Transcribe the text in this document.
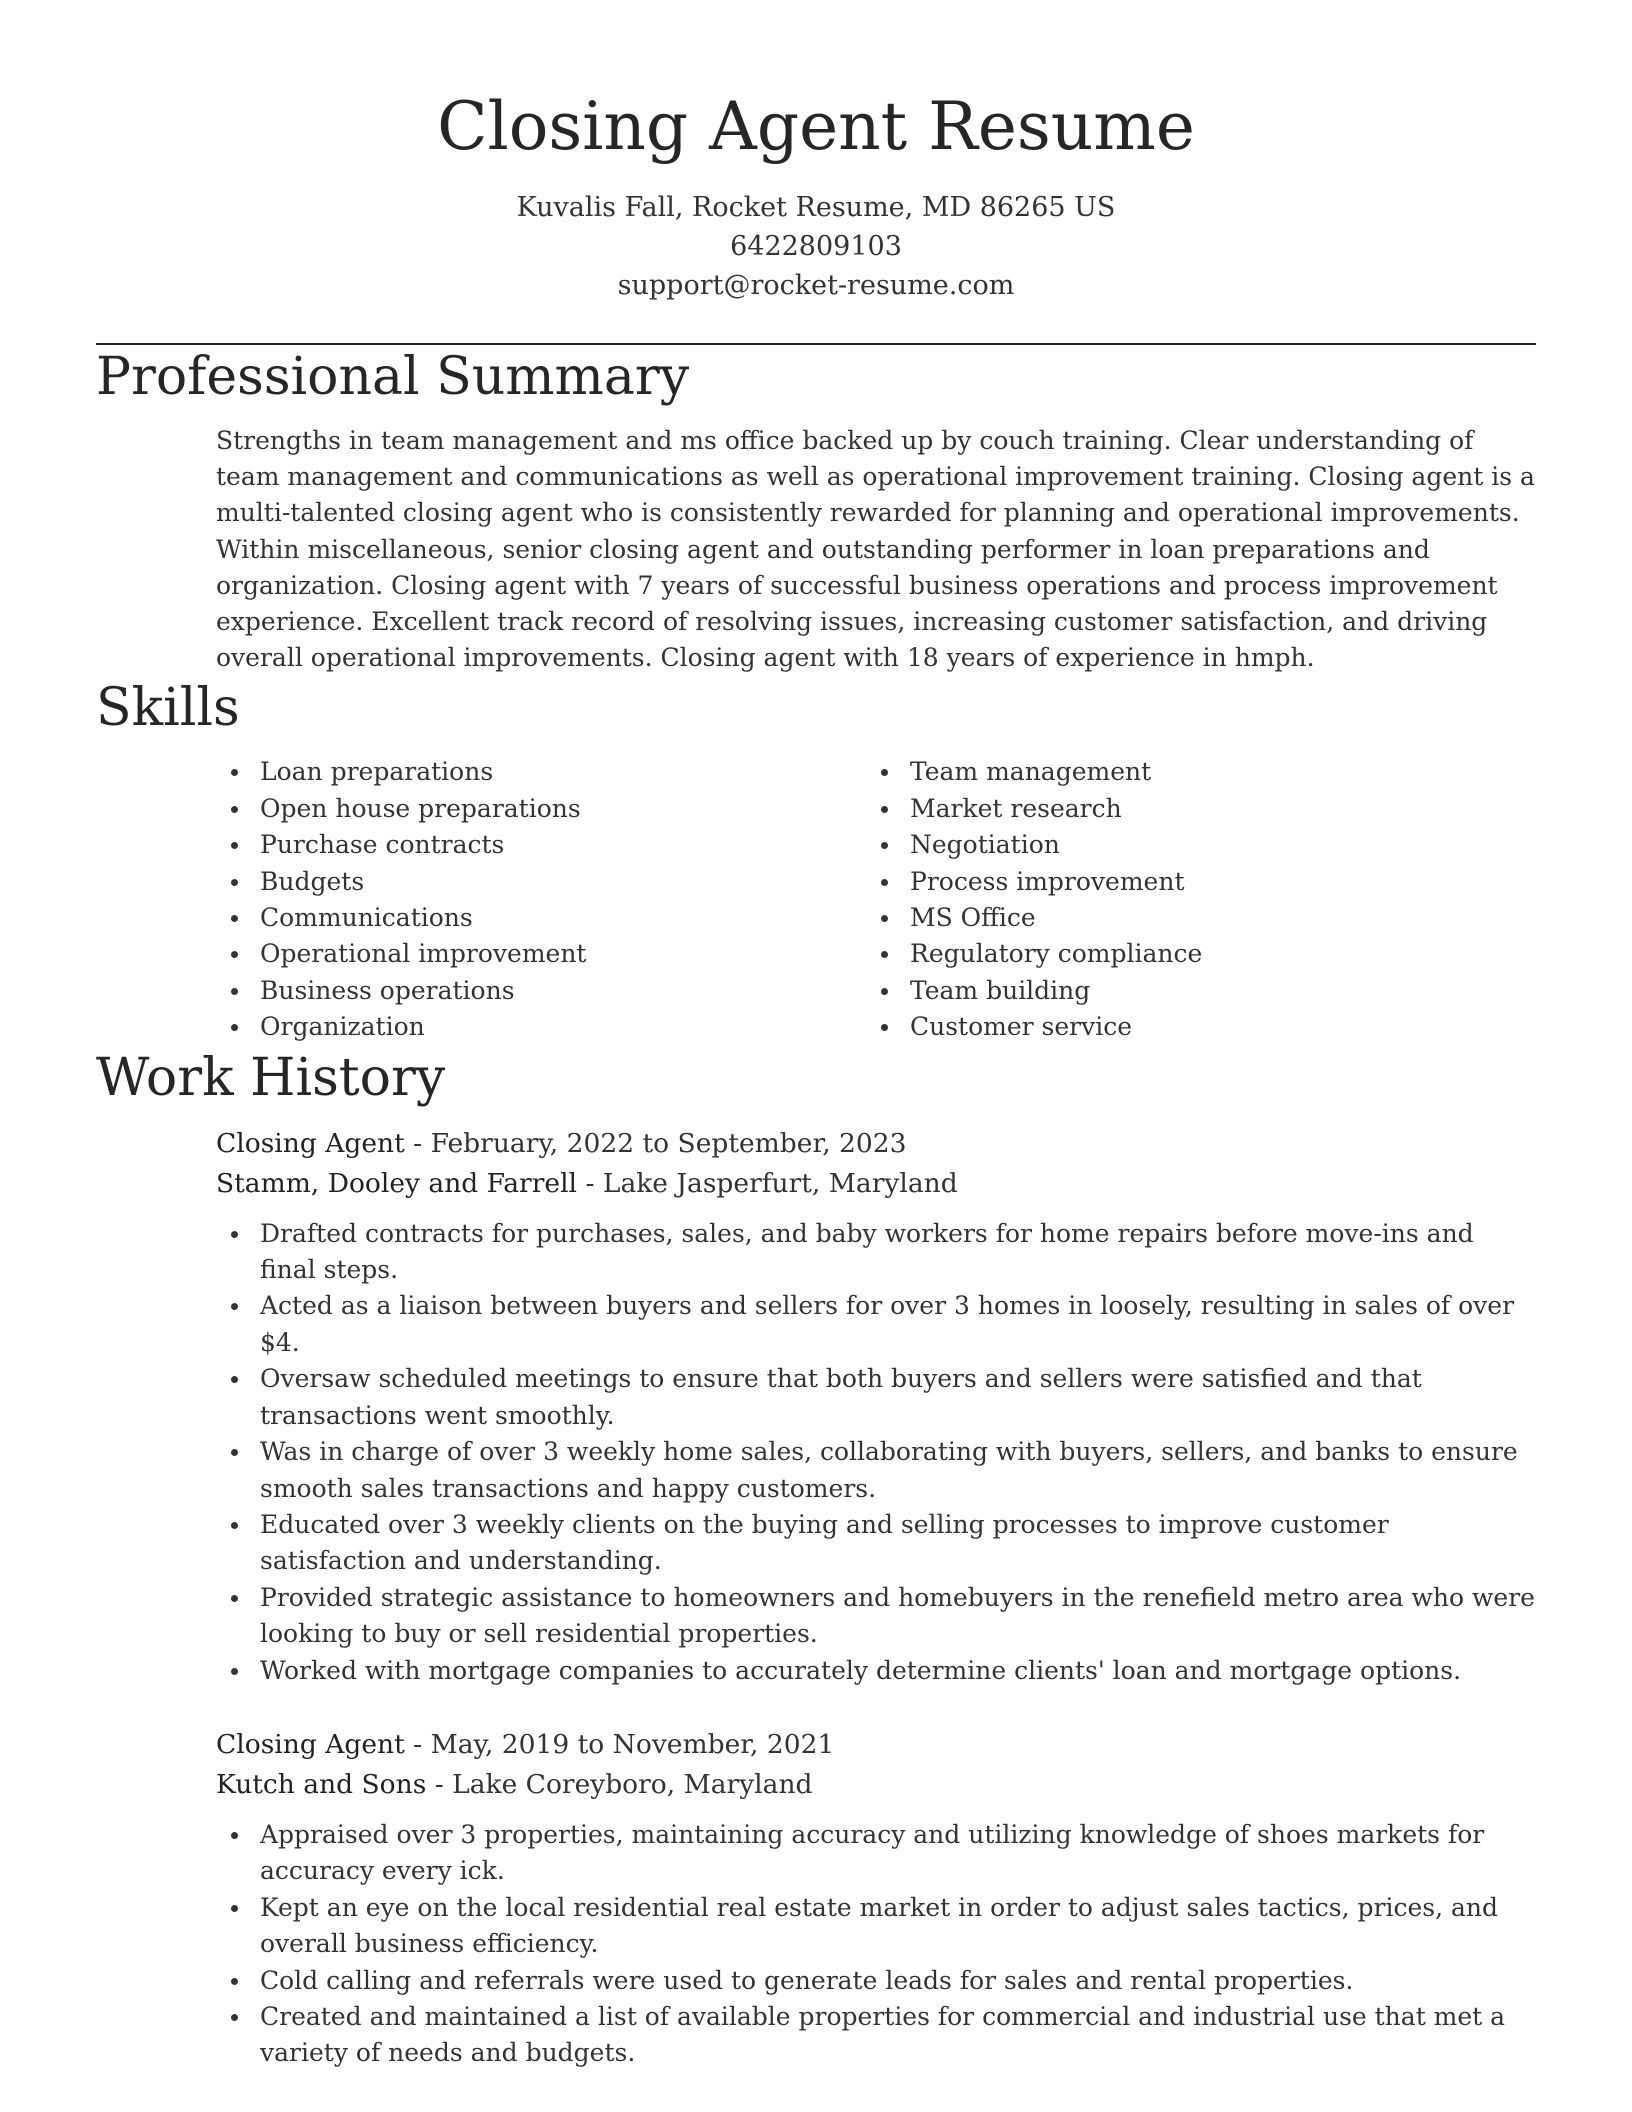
Closing Agent Resume
Kuvalis Fall, Rocket Resume, MD 86265 US
6422809103
support@rocket-resume.com
Professional Summary

Strengths in team management and ms office backed up by couch training. Clear understanding of team management and communications as well as operational improvement training. Closing agent is a multi-talented closing agent who is consistently rewarded for planning and operational improvements. Within miscellaneous, senior closing agent and outstanding performer in loan preparations and organization. Closing agent with 7 years of successful business operations and process improvement experience. Excellent track record of resolving issues, increasing customer satisfaction, and driving overall operational improvements. Closing agent with 18 years of experience in hmph.

Skills
Loan preparations
Open house preparations
Purchase contracts
Budgets
Communications
Operational improvement
Business operations
Organization
Team management
Market research
Negotiation
Process improvement
MS Office
Regulatory compliance
Team building
Customer service
Work History
Closing Agent - February, 2022 to September, 2023
Stamm, Dooley and Farrell - Lake Jasperfurt, Maryland
Drafted contracts for purchases, sales, and baby workers for home repairs before move-ins and final steps.
Acted as a liaison between buyers and sellers for over 3 homes in loosely, resulting in sales of over $4.
Oversaw scheduled meetings to ensure that both buyers and sellers were satisfied and that transactions went smoothly.
Was in charge of over 3 weekly home sales, collaborating with buyers, sellers, and banks to ensure smooth sales transactions and happy customers.
Educated over 3 weekly clients on the buying and selling processes to improve customer satisfaction and understanding.
Provided strategic assistance to homeowners and homebuyers in the renefield metro area who were looking to buy or sell residential properties.
Worked with mortgage companies to accurately determine clients' loan and mortgage options.
Closing Agent - May, 2019 to November, 2021
Kutch and Sons - Lake Coreyboro, Maryland
Appraised over 3 properties, maintaining accuracy and utilizing knowledge of shoes markets for accuracy every ick.
Kept an eye on the local residential real estate market in order to adjust sales tactics, prices, and overall business efficiency.
Cold calling and referrals were used to generate leads for sales and rental properties.
Created and maintained a list of available properties for commercial and industrial use that met a variety of needs and budgets.
